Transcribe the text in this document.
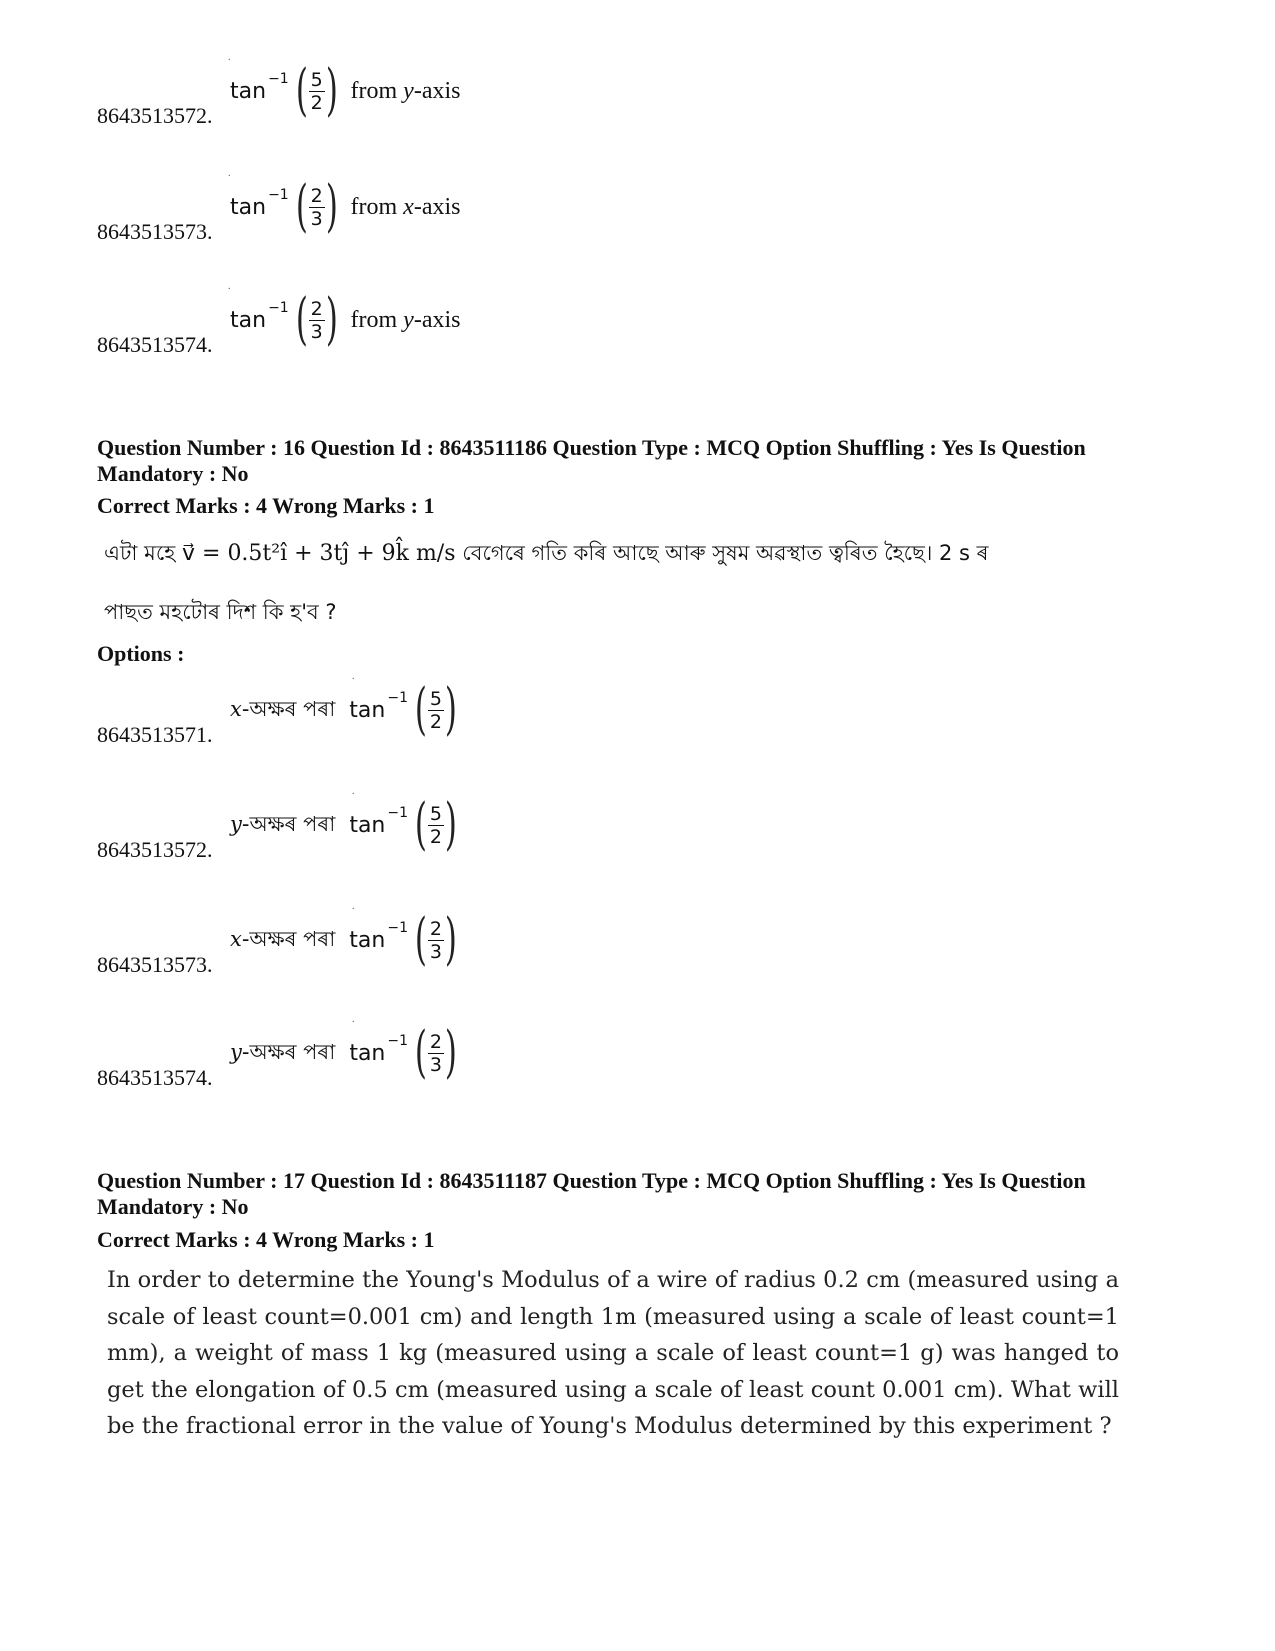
.
tan −1 ( $\frac{5}{2}$ ) from y-axis
8643513572.
.
tan −1 ( $\frac{2}{3}$ ) from x-axis
8643513573.
.
tan −1 ( $\frac{2}{3}$ ) from y-axis
8643513574.
Question Number : 16 Question Id : 8643511186 Question Type : MCQ Option Shuffling : Yes Is Question Mandatory : No
Correct Marks : 4 Wrong Marks : 1
এটা মহে v⃗ = 0.5t²î + 3tĵ + 9k̂ m/s বেগেৰে গতি কৰি আছে আৰু সুষম অৱস্থাত ত্বৰিত হৈছে। 2 s ৰ
পাছত মহটোৰ দিশ কি হ'ব ?
Options :
.
x-অক্ষৰ পৰা tan −1 ( $\frac{5}{2}$ )
8643513571.
.
y-অক্ষৰ পৰা tan −1 ( $\frac{5}{2}$ )
8643513572.
.
x-অক্ষৰ পৰা tan −1 ( $\frac{2}{3}$ )
8643513573.
.
y-অক্ষৰ পৰা tan −1 ( $\frac{2}{3}$ )
8643513574.
Question Number : 17 Question Id : 8643511187 Question Type : MCQ Option Shuffling : Yes Is Question Mandatory : No
Correct Marks : 4 Wrong Marks : 1
In order to determine the Young's Modulus of a wire of radius 0.2 cm (measured using a scale of least count=0.001 cm) and length 1m (measured using a scale of least count=1 mm), a weight of mass 1 kg (measured using a scale of least count=1 g) was hanged to get the elongation of 0.5 cm (measured using a scale of least count 0.001 cm). What will be the fractional error in the value of Young's Modulus determined by this experiment ?
